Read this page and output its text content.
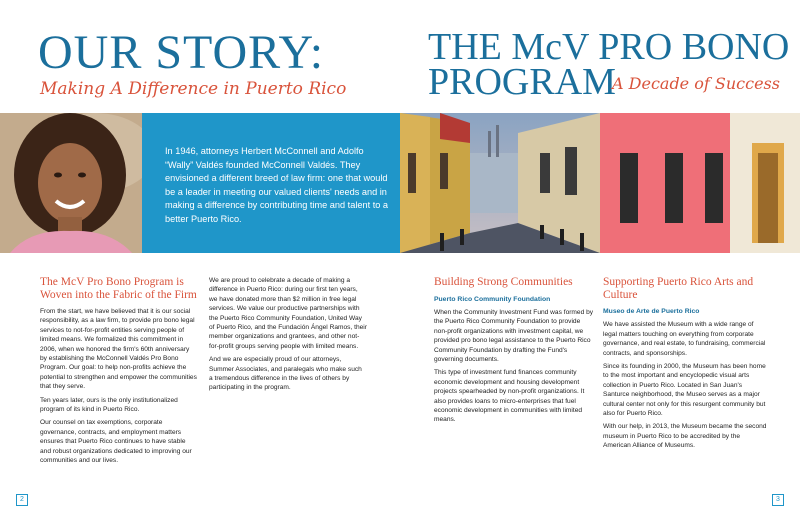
OUR STORY:
Making A Difference in Puerto Rico
THE McV PRO BONO
PROGRAM
A Decade of Success
In 1946, attorneys Herbert McConnell and Adolfo “Wally” Valdés founded McConnell Valdés. They envisioned a different breed of law firm: one that would be a leader in meeting our valued clients' needs and in making a difference by contributing time and talent to a better Puerto Rico.
The McV Pro Bono Program is Woven into the Fabric of the Firm

From the start, we have believed that it is our social responsibility, as a law firm, to provide pro bono legal services to not-for-profit entities serving people of limited means. We formalized this commitment in 2006, when we honored the firm's 60th anniversary by establishing the McConnell Valdés Pro Bono Program. Our goal: to help non-profits achieve the potential to strengthen and empower the communities that they serve.

Ten years later, ours is the only institutionalized program of its kind in Puerto Rico.

Our counsel on tax exemptions, corporate governance, contracts, and employment matters ensures that Puerto Rico continues to have stable and robust organizations dedicated to improving our communities and our lives.

We are proud to celebrate a decade of making a difference in Puerto Rico: during our first ten years, we have donated more than $2 million in free legal services. We value our productive partnerships with the Puerto Rico Community Foundation, United Way of Puerto Rico, and the Fundación Ángel Ramos, their member organizations and grantees, and other not-for-profit groups serving people with limited means.

And we are especially proud of our attorneys, Summer Associates, and paralegals who make such a tremendous difference in the lives of others by participating in the program.

Building Strong Communities
Puerto Rico Community Foundation

When the Community Investment Fund was formed by the Puerto Rico Community Foundation to provide non-profit organizations with investment capital, we provided pro bono legal assistance to the Puerto Rico Community Foundation by drafting the Fund's governing documents.

This type of investment fund finances community economic development and housing development projects spearheaded by non-profit organizations. It also provides loans to micro-enterprises that fuel economic development in communities with limited means.

Supporting Puerto Rico Arts and Culture
Museo de Arte de Puerto Rico

We have assisted the Museum with a wide range of legal matters touching on everything from corporate governance, and real estate, to fundraising, commercial contracts, and sponsorships.

Since its founding in 2000, the Museum has been home to the most important and encyclopedic visual arts collection in Puerto Rico. Located in San Juan's Santurce neighborhood, the Museo serves as a major cultural center not only for this resurgent community but also for Puerto Rico.

With our help, in 2013, the Museum became the second museum in Puerto Rico to be accredited by the American Alliance of Museums.

2	3
